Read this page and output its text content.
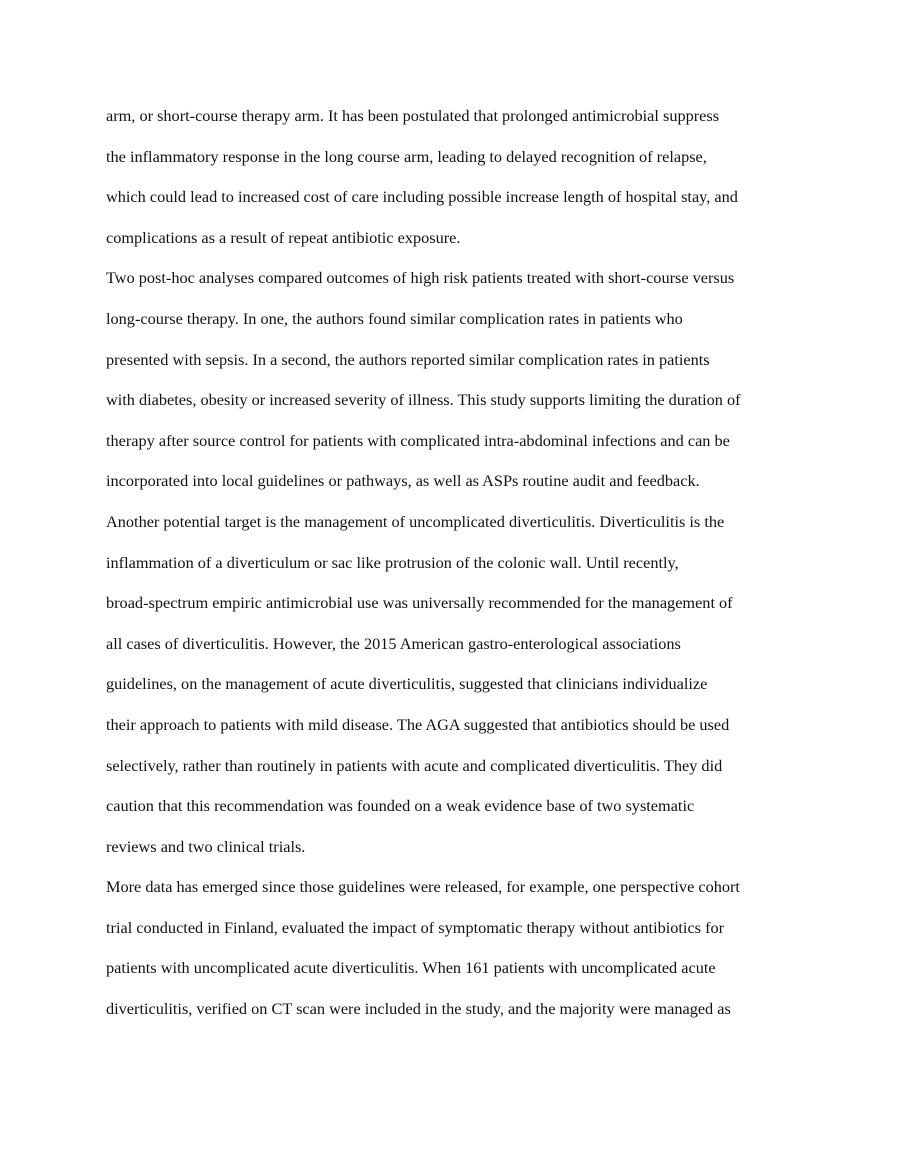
arm, or short-course therapy arm. It has been postulated that prolonged antimicrobial suppress
the inflammatory response in the long course arm, leading to delayed recognition of relapse,
which could lead to increased cost of care including possible increase length of hospital stay, and
complications as a result of repeat antibiotic exposure.
Two post-hoc analyses compared outcomes of high risk patients treated with short-course versus
long-course therapy. In one, the authors found similar complication rates in patients who
presented with sepsis. In a second, the authors reported similar complication rates in patients
with diabetes, obesity or increased severity of illness. This study supports limiting the duration of
therapy after source control for patients with complicated intra-abdominal infections and can be
incorporated into local guidelines or pathways, as well as ASPs routine audit and feedback.
Another potential target is the management of uncomplicated diverticulitis. Diverticulitis is the
inflammation of a diverticulum or sac like protrusion of the colonic wall. Until recently,
broad-spectrum empiric antimicrobial use was universally recommended for the management of
all cases of diverticulitis. However, the 2015 American gastro-enterological associations
guidelines, on the management of acute diverticulitis, suggested that clinicians individualize
their approach to patients with mild disease. The AGA suggested that antibiotics should be used
selectively, rather than routinely in patients with acute and complicated diverticulitis. They did
caution that this recommendation was founded on a weak evidence base of two systematic
reviews and two clinical trials.
More data has emerged since those guidelines were released, for example, one perspective cohort
trial conducted in Finland, evaluated the impact of symptomatic therapy without antibiotics for
patients with uncomplicated acute diverticulitis. When 161 patients with uncomplicated acute
diverticulitis, verified on CT scan were included in the study, and the majority were managed as
